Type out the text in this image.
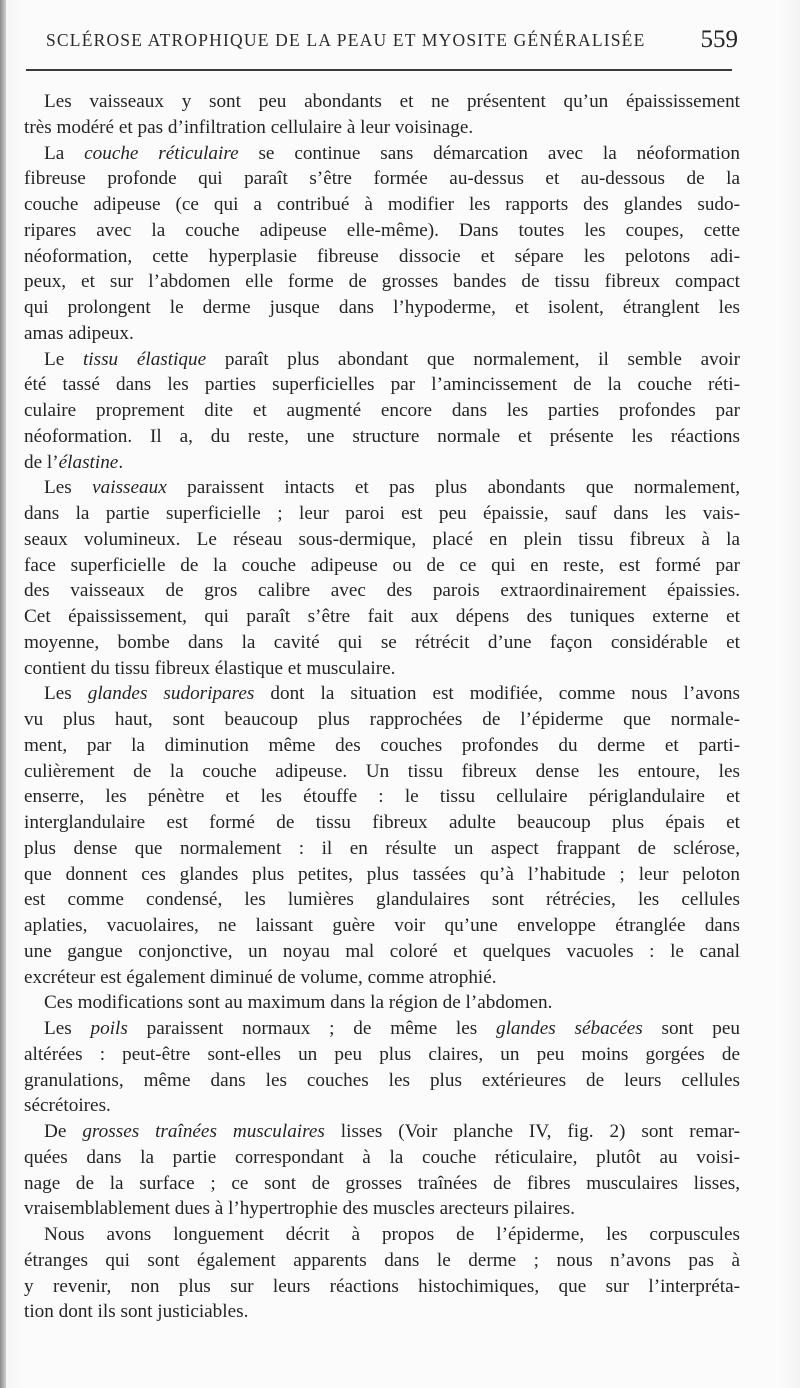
SCLÉROSE ATROPHIQUE DE LA PEAU ET MYOSITE GÉNÉRALISÉE 559

Les vaisseaux y sont peu abondants et ne présentent qu’un épaississement
très modéré et pas d’infiltration cellulaire à leur voisinage.

La couche réticulaire se continue sans démarcation avec la néoformation
fibreuse profonde qui paraît s’être formée au-dessus et au-dessous de la
couche adipeuse (ce qui a contribué à modifier les rapports des glandes sudo-
ripares avec la couche adipeuse elle-même). Dans toutes les coupes, cette
néoformation, cette hyperplasie fibreuse dissocie et sépare les pelotons adi-
peux, et sur l’abdomen elle forme de grosses bandes de tissu fibreux compact
qui prolongent le derme jusque dans l’hypoderme, et isolent, étranglent les
amas adipeux.

Le tissu élastique paraît plus abondant que normalement, il semble avoir
été tassé dans les parties superficielles par l’amincissement de la couche réti-
culaire proprement dite et augmenté encore dans les parties profondes par
néoformation. Il a, du reste, une structure normale et présente les réactions
de l’élastine.

Les vaisseaux paraissent intacts et pas plus abondants que normalement,
dans la partie superficielle ; leur paroi est peu épaissie, sauf dans les vais-
seaux volumineux. Le réseau sous-dermique, placé en plein tissu fibreux à la
face superficielle de la couche adipeuse ou de ce qui en reste, est formé par
des vaisseaux de gros calibre avec des parois extraordinairement épaissies.
Cet épaississement, qui paraît s’être fait aux dépens des tuniques externe et
moyenne, bombe dans la cavité qui se rétrécit d’une façon considérable et
contient du tissu fibreux élastique et musculaire.

Les glandes sudoripares dont la situation est modifiée, comme nous l’avons
vu plus haut, sont beaucoup plus rapprochées de l’épiderme que normale-
ment, par la diminution même des couches profondes du derme et parti-
culièrement de la couche adipeuse. Un tissu fibreux dense les entoure, les
enserre, les pénètre et les étouffe : le tissu cellulaire périglandulaire et
interglandulaire est formé de tissu fibreux adulte beaucoup plus épais et
plus dense que normalement : il en résulte un aspect frappant de sclérose,
que donnent ces glandes plus petites, plus tassées qu’à l’habitude ; leur peloton
est comme condensé, les lumières glandulaires sont rétrécies, les cellules
aplaties, vacuolaires, ne laissant guère voir qu’une enveloppe étranglée dans
une gangue conjonctive, un noyau mal coloré et quelques vacuoles : le canal
excréteur est également diminué de volume, comme atrophié.

Ces modifications sont au maximum dans la région de l’abdomen.

Les poils paraissent normaux ; de même les glandes sébacées sont peu
altérées : peut-être sont-elles un peu plus claires, un peu moins gorgées de
granulations, même dans les couches les plus extérieures de leurs cellules
sécrétoires.

De grosses traînées musculaires lisses (Voir planche IV, fig. 2) sont remar-
quées dans la partie correspondant à la couche réticulaire, plutôt au voisi-
nage de la surface ; ce sont de grosses traînées de fibres musculaires lisses,
vraisemblablement dues à l’hypertrophie des muscles arecteurs pilaires.

Nous avons longuement décrit à propos de l’épiderme, les corpuscules
étranges qui sont également apparents dans le derme ; nous n’avons pas à
y revenir, non plus sur leurs réactions histochimiques, que sur l’interpréta-
tion dont ils sont justiciables.
